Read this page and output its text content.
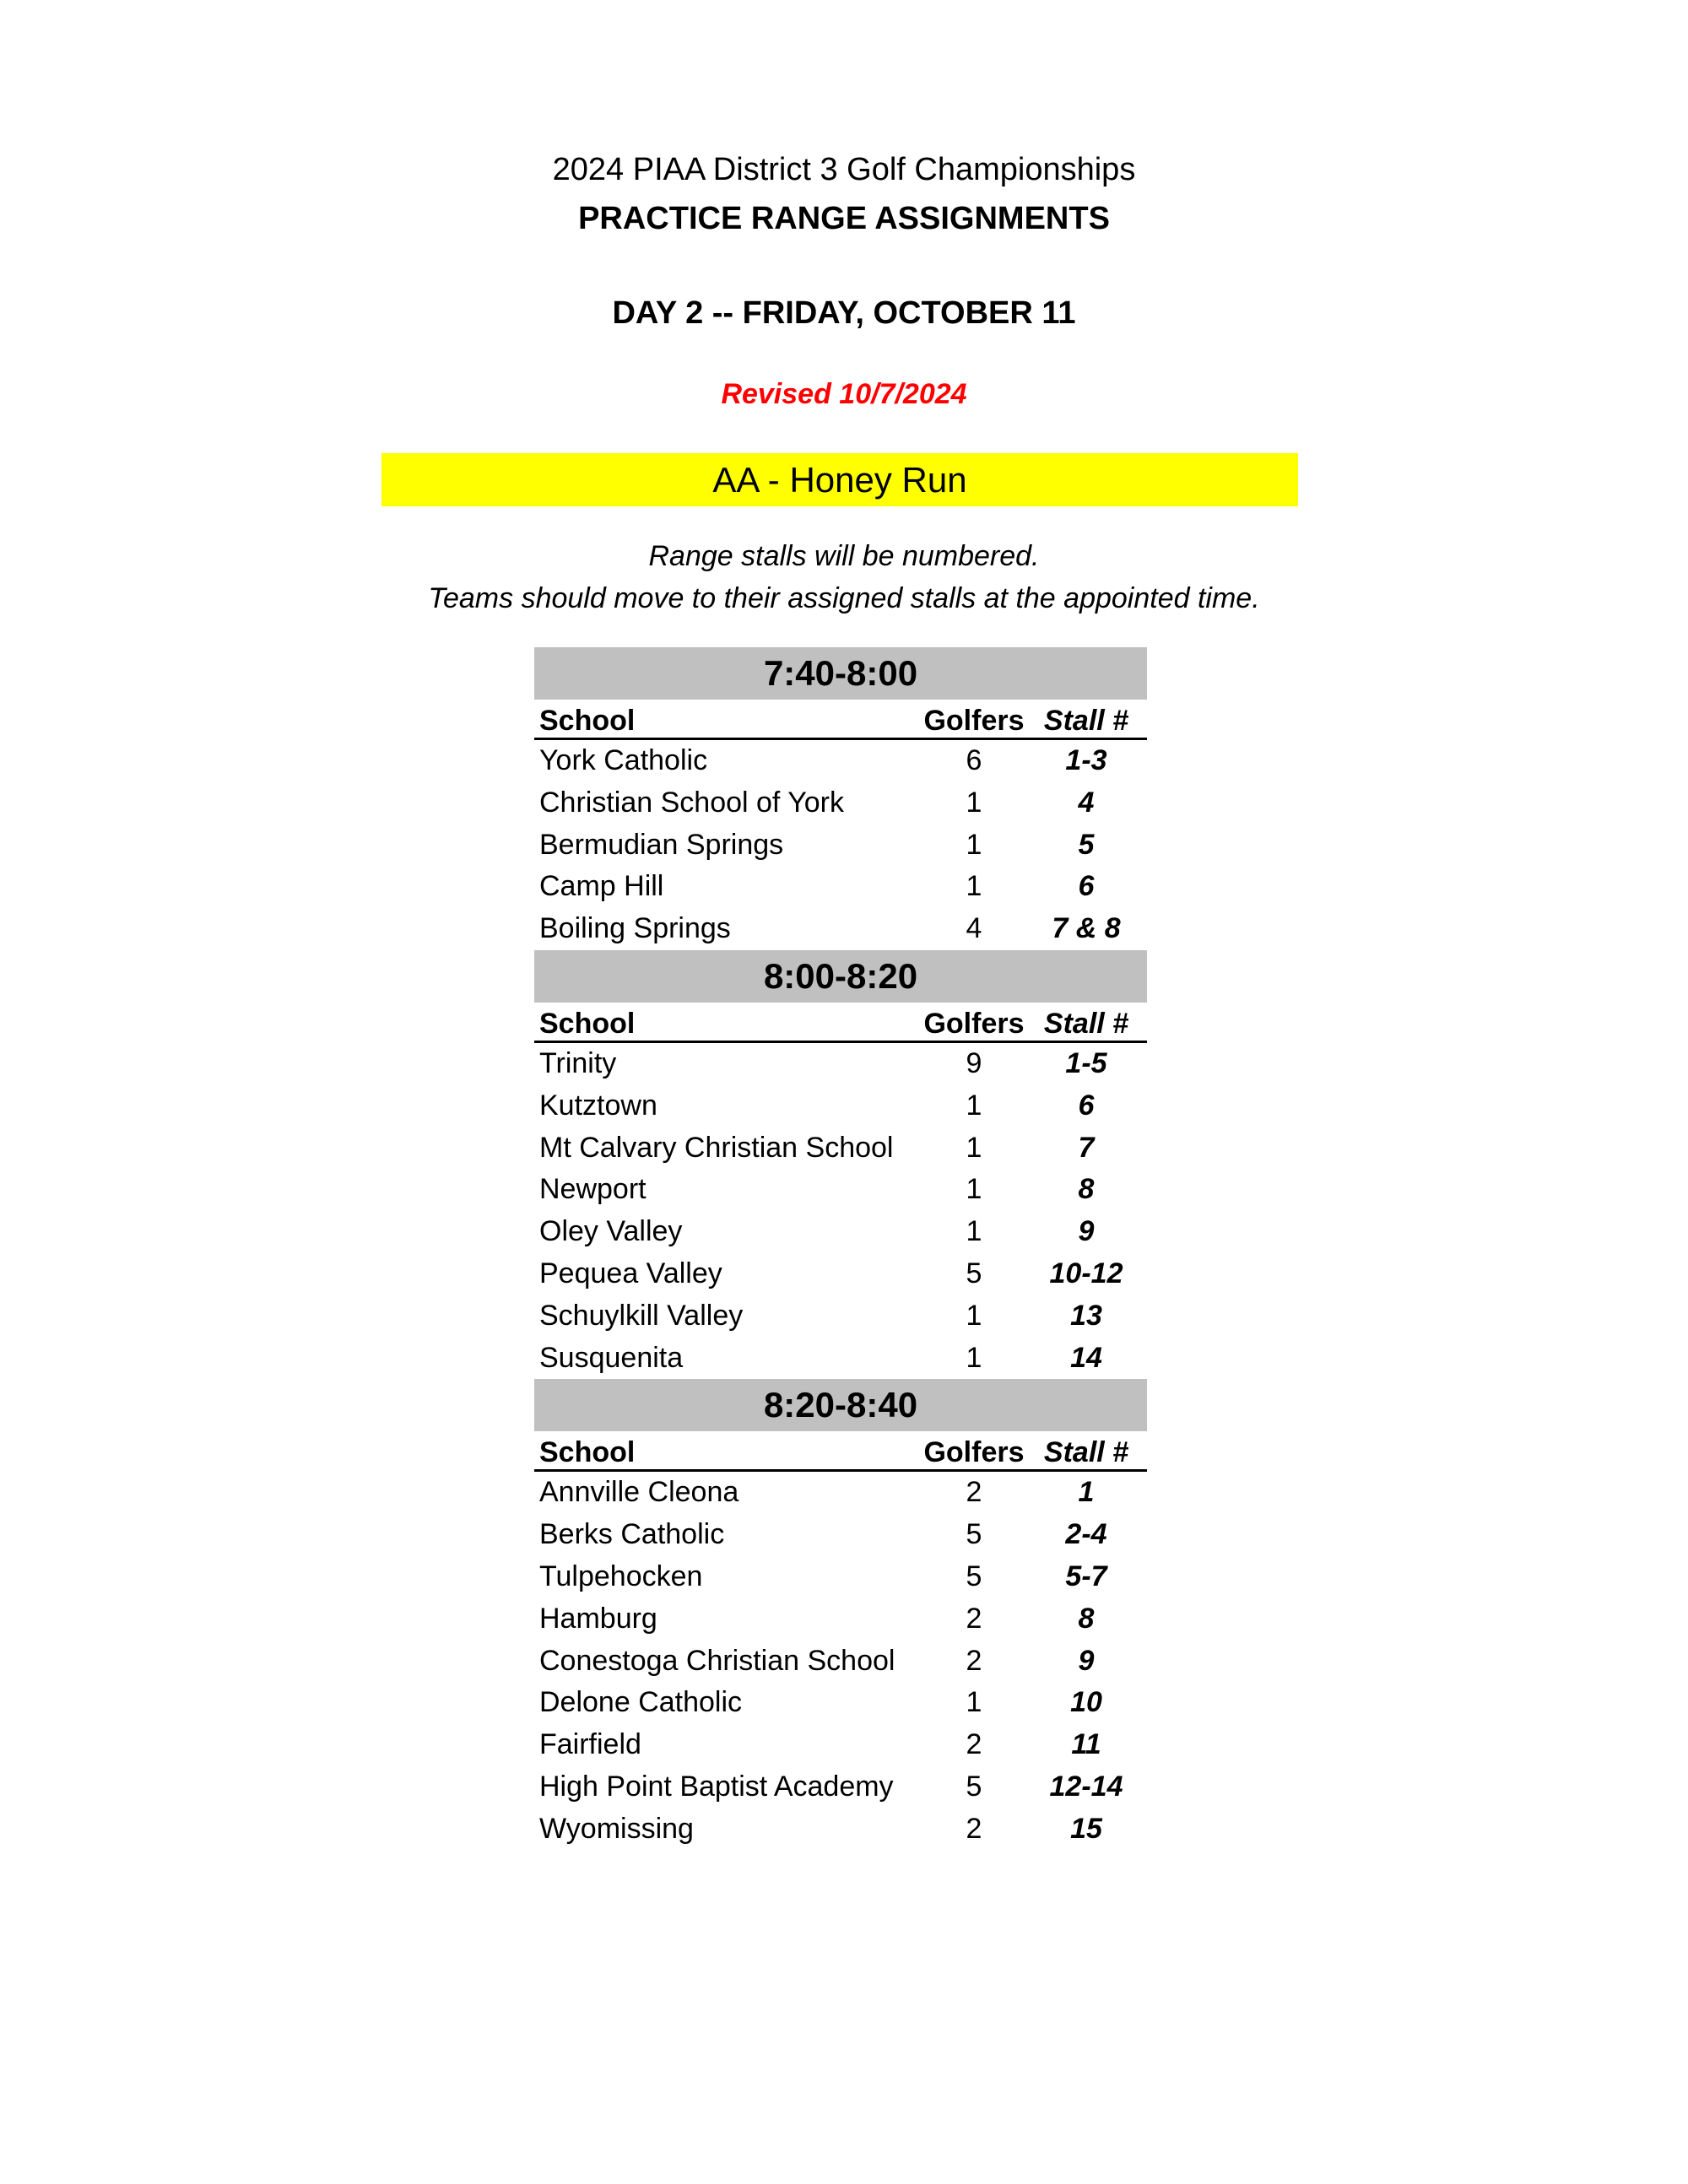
2024 PIAA District 3 Golf Championships
PRACTICE RANGE ASSIGNMENTS
DAY 2 -- FRIDAY, OCTOBER 11
Revised 10/7/2024
AA - Honey Run
Range stalls will be numbered.
Teams should move to their assigned stalls at the appointed time.
7:40-8:00
School	Golfers Stall #
York Catholic	6	1-3
Christian School of York	1	4
Bermudian Springs	1	5
Camp Hill	1	6
Boiling Springs	4	7 & 8
8:00-8:20
School	Golfers Stall #
Trinity	9	1-5
Kutztown	1	6
Mt Calvary Christian School	1	7
Newport	1	8
Oley Valley	1	9
Pequea Valley	5	10-12
Schuylkill Valley	1	13
Susquenita	1	14
8:20-8:40
School	Golfers Stall #
Annville Cleona	2	1
Berks Catholic	5	2-4
Tulpehocken	5	5-7
Hamburg	2	8
Conestoga Christian School	2	9
Delone Catholic	1	10
Fairfield	2	11
High Point Baptist Academy	5	12-14
Wyomissing	2	15
